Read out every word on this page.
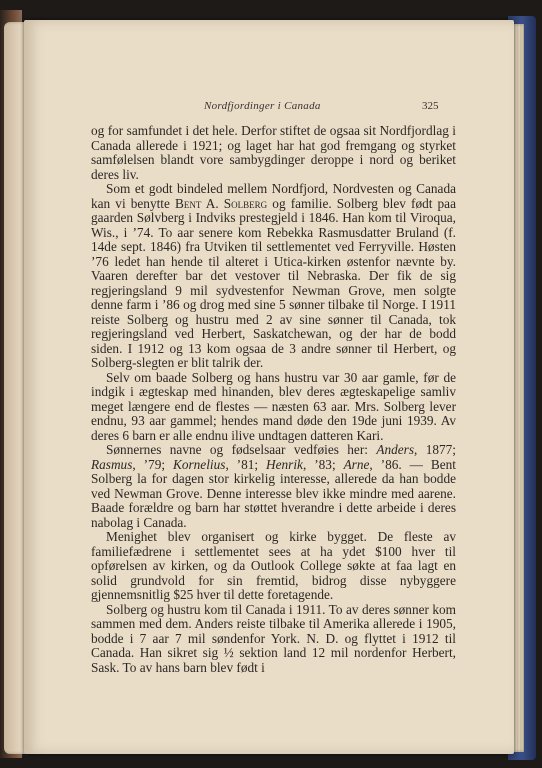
Nordfjordinger i Canada	325

og for samfundet i det hele. Derfor stiftet de ogsaa sit Nordfjordlag i Canada allerede i 1921; og laget har hat god fremgang og styrket samfølelsen blandt vore sambygdinger deroppe i nord og beriket deres liv.

Som et godt bindeled mellem Nordfjord, Nordvesten og Canada kan vi benytte Bent A. Solberg og familie. Solberg blev født paa gaarden Sølvberg i Indviks prestegjeld i 1846. Han kom til Viroqua, Wis., i ’74. To aar senere kom Rebekka Rasmusdatter Bruland (f. 14de sept. 1846) fra Utviken til settlementet ved Ferryville. Høsten ’76 ledet han hende til alteret i Utica-kirken østenfor nævnte by. Vaaren derefter bar det vestover til Nebraska. Der fik de sig regjeringsland 9 mil sydvestenfor Newman Grove, men solgte denne farm i ’86 og drog med sine 5 sønner tilbake til Norge. I 1911 reiste Solberg og hustru med 2 av sine sønner til Canada, tok regjeringsland ved Herbert, Saskatchewan, og der har de bodd siden. I 1912 og 13 kom ogsaa de 3 andre sønner til Herbert, og Solberg-slegten er blit talrik der.

Selv om baade Solberg og hans hustru var 30 aar gamle, før de indgik i ægteskap med hinanden, blev deres ægteskapelige samliv meget længere end de flestes — næsten 63 aar. Mrs. Solberg lever endnu, 93 aar gammel; hendes mand døde den 19de juni 1939. Av deres 6 barn er alle endnu ilive undtagen datteren Kari.

Sønnernes navne og fødselsaar vedføies her: Anders, 1877; Rasmus, ’79; Kornelius, ’81; Henrik, ’83; Arne, ’86. — Bent Solberg la for dagen stor kirkelig interesse, allerede da han bodde ved Newman Grove. Denne interesse blev ikke mindre med aarene. Baade forældre og barn har støttet hverandre i dette arbeide i deres nabolag i Canada.

Menighet blev organisert og kirke bygget. De fleste av familiefædrene i settlementet sees at ha ydet $100 hver til opførelsen av kirken, og da Outlook College søkte at faa lagt en solid grundvold for sin fremtid, bidrog disse nybyggere gjennemsnitlig $25 hver til dette foretagende.

Solberg og hustru kom til Canada i 1911. To av deres sønner kom sammen med dem. Anders reiste tilbake til Amerika allerede i 1905, bodde i 7 aar 7 mil søndenfor York. N. D. og flyttet i 1912 til Canada. Han sikret sig ½ sektion land 12 mil nordenfor Herbert, Sask. To av hans barn blev født i
